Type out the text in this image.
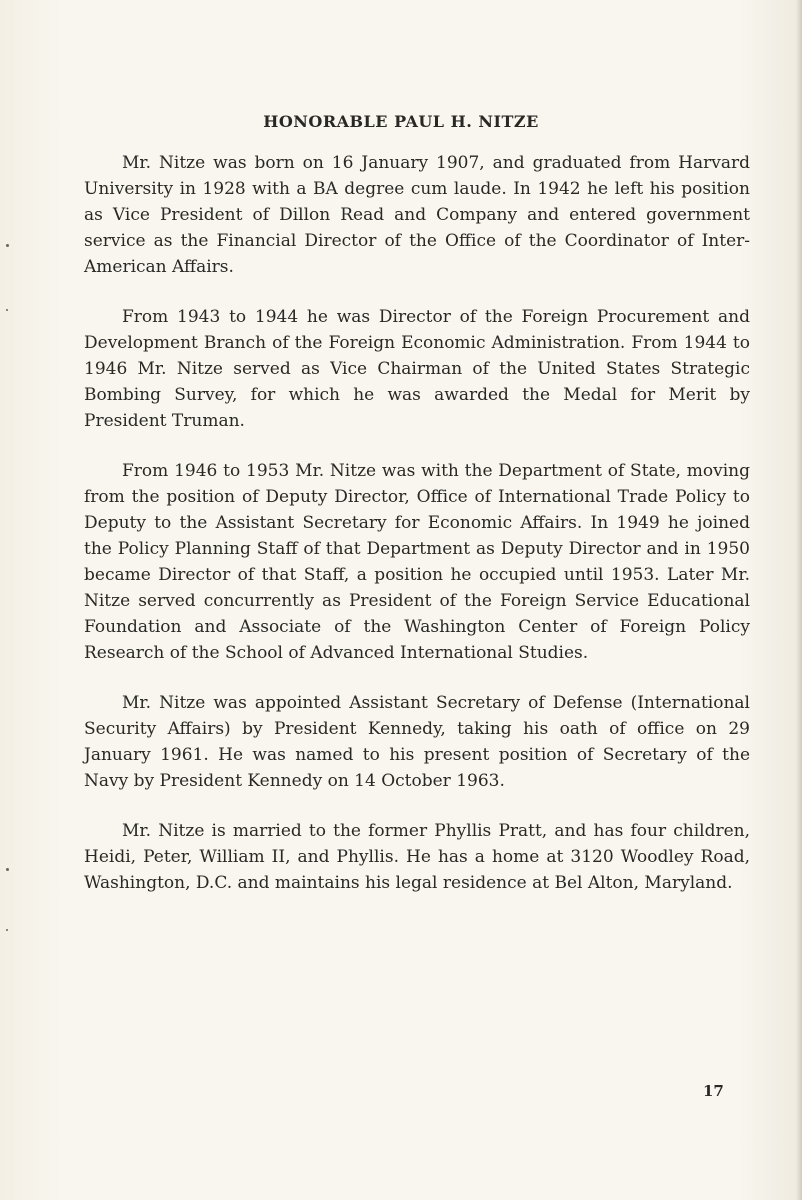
HONORABLE PAUL H. NITZE

Mr. Nitze was born on 16 January 1907, and graduated from Harvard University in 1928 with a BA degree cum laude. In 1942 he left his position as Vice President of Dillon Read and Company and entered government service as the Financial Director of the Office of the Coordinator of Inter-American Affairs.

From 1943 to 1944 he was Director of the Foreign Procurement and Development Branch of the Foreign Economic Administration. From 1944 to 1946 Mr. Nitze served as Vice Chairman of the United States Strategic Bombing Survey, for which he was awarded the Medal for Merit by President Truman.

From 1946 to 1953 Mr. Nitze was with the Department of State, moving from the position of Deputy Director, Office of International Trade Policy to Deputy to the Assistant Secretary for Economic Affairs. In 1949 he joined the Policy Planning Staff of that Department as Deputy Director and in 1950 became Director of that Staff, a position he occupied until 1953. Later Mr. Nitze served concurrently as President of the Foreign Service Educational Foundation and Associate of the Washington Center of Foreign Policy Research of the School of Advanced International Studies.

Mr. Nitze was appointed Assistant Secretary of Defense (International Security Affairs) by President Kennedy, taking his oath of office on 29 January 1961. He was named to his present position of Secretary of the Navy by President Kennedy on 14 October 1963.

Mr. Nitze is married to the former Phyllis Pratt, and has four children, Heidi, Peter, William II, and Phyllis. He has a home at 3120 Woodley Road, Washington, D.C. and maintains his legal residence at Bel Alton, Maryland.

17
